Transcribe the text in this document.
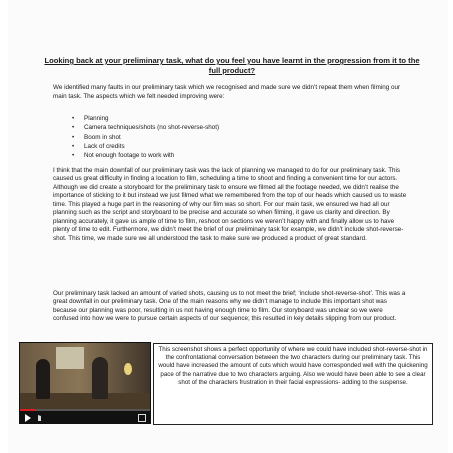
Looking back at your preliminary task, what do you feel you have learnt in the progression from it to the full product?

We identified many faults in our preliminary task which we recognised and made sure we didn’t repeat them when filming our main task. The aspects which we felt needed improving were:

• Planning
• Camera techniques/shots (no shot-reverse-shot)
• Boom in shot
• Lack of credits
• Not enough footage to work with

I think that the main downfall of our preliminary task was the lack of planning we managed to do for our preliminary task. This caused us great difficulty in finding a location to film, scheduling a time to shoot and finding a convenient time for our actors. Although we did create a storyboard for the preliminary task to ensure we filmed all the footage needed, we didn’t realise the importance of sticking to it but instead we just filmed what we remembered from the top of our heads which caused us to waste time. This played a huge part in the reasoning of why our film was so short. For our main task, we ensured we had all our planning such as the script and storyboard to be precise and accurate so when filming, it gave us clarity and direction. By planning accurately, it gave us ample of time to film, reshoot on sections we weren’t happy with and finally allow us to have plenty of time to edit. Furthermore, we didn’t meet the brief of our preliminary task for example, we didn’t include shot-reverse-shot. This time, we made sure we all understood the task to make sure we produced a product of great standard.

Our preliminary task lacked an amount of varied shots, causing us to not meet the brief; ‘include shot-reverse-shot’. This was a great downfall in our preliminary task. One of the main reasons why we didn’t manage to include this important shot was because our planning was poor, resulting in us not having enough time to film. Our storyboard was unclear so we were confused into how we were to pursue certain aspects of our sequence; this resulted in key details slipping from our product.

This screenshot shows a perfect opportunity of where we could have included shot-reverse-shot in the confrontational conversation between the two characters during our preliminary task. This would have increased the amount of cuts which would have corresponded well with the quickening pace of the narrative due to two characters arguing. Also we would have been able to see a clear shot of the characters frustration in their facial expressions- adding to the suspense.
